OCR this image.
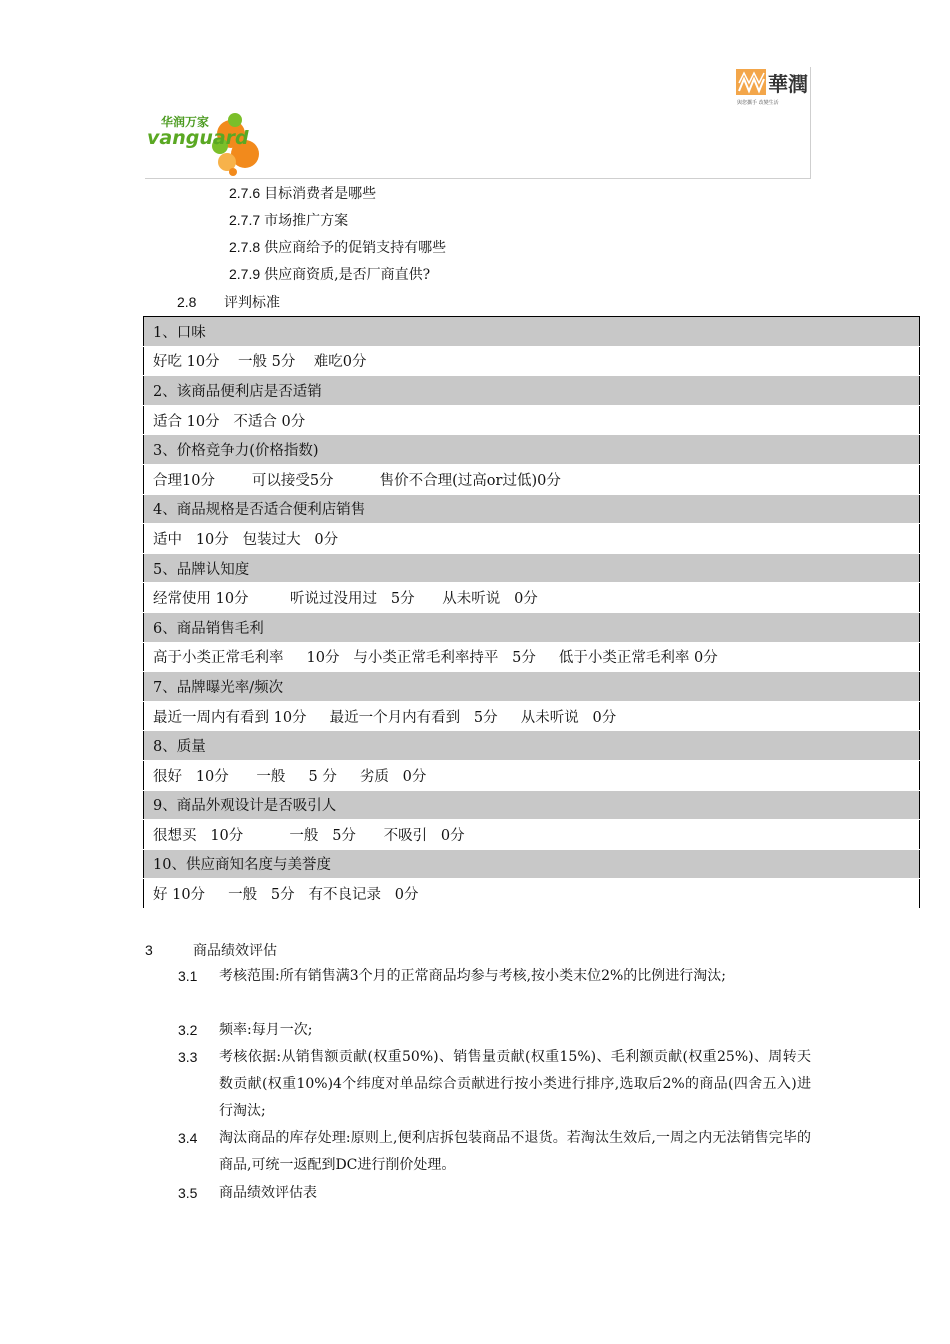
华润万家
vanguard
華潤
與您攜手 改變生活
2.7.6 目标消费者是哪些
2.7.7 市场推广方案
2.7.8 供应商给予的促销支持有哪些
2.7.9 供应商资质,是否厂商直供?
2.8 评判标准
1、口味
好吃 10分    一般 5分    难吃0分
2、该商品便利店是否适销
适合 10分   不适合 0分
3、价格竞争力(价格指数)
合理10分        可以接受5分          售价不合理(过高or过低)0分
4、商品规格是否适合便利店销售
适中   10分   包装过大   0分
5、品牌认知度
经常使用 10分         听说过没用过   5分      从未听说   0分
6、商品销售毛利
高于小类正常毛利率     10分   与小类正常毛利率持平   5分     低于小类正常毛利率 0分
7、品牌曝光率/频次
最近一周内有看到 10分     最近一个月内有看到   5分     从未听说   0分
8、质量
很好   10分      一般     5 分     劣质   0分
9、商品外观设计是否吸引人
很想买   10分          一般   5分      不吸引   0分
10、供应商知名度与美誉度
好 10分     一般   5分   有不良记录   0分
3	商品绩效评估
3.1 考核范围:所有销售满3个月的正常商品均参与考核,按小类末位2%的比例进行淘汰;
3.2 频率:每月一次;
3.3 考核依据:从销售额贡献(权重50%)、销售量贡献(权重15%)、毛利额贡献(权重25%)、周转天数贡献(权重10%)4个纬度对单品综合贡献进行按小类进行排序,选取后2%的商品(四舍五入)进行淘汰;
3.4 淘汰商品的库存处理:原则上,便利店拆包装商品不退货。若淘汰生效后,一周之内无法销售完毕的商品,可统一返配到DC进行削价处理。
3.5 商品绩效评估表
